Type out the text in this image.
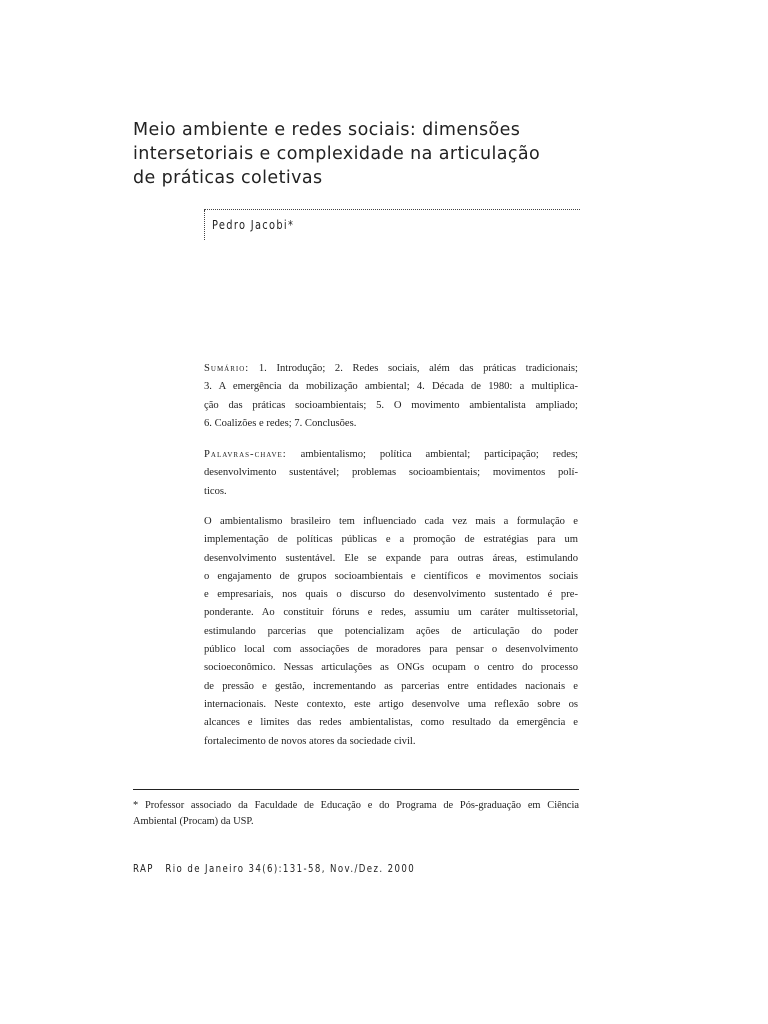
Meio ambiente e redes sociais: dimensões
intersetoriais e complexidade na articulação
de práticas coletivas
Pedro Jacobi*
Sumário: 1. Introdução; 2. Redes sociais, além das práticas tradicionais;
3. A emergência da mobilização ambiental; 4. Década de 1980: a multiplica-
ção das práticas socioambientais; 5. O movimento ambientalista ampliado;
6. Coalizões e redes; 7. Conclusões.
Palavras-chave: ambientalismo; política ambiental; participação; redes;
desenvolvimento sustentável; problemas socioambientais; movimentos polí-
ticos.
O ambientalismo brasileiro tem influenciado cada vez mais a formulação e
implementação de políticas públicas e a promoção de estratégias para um
desenvolvimento sustentável. Ele se expande para outras áreas, estimulando
o engajamento de grupos socioambientais e científicos e movimentos sociais
e empresariais, nos quais o discurso do desenvolvimento sustentado é pre-
ponderante. Ao constituir fóruns e redes, assumiu um caráter multissetorial,
estimulando parcerias que potencializam ações de articulação do poder
público local com associações de moradores para pensar o desenvolvimento
socioeconômico. Nessas articulações as ONGs ocupam o centro do processo
de pressão e gestão, incrementando as parcerias entre entidades nacionais e
internacionais. Neste contexto, este artigo desenvolve uma reflexão sobre os
alcances e limites das redes ambientalistas, como resultado da emergência e
fortalecimento de novos atores da sociedade civil.
* Professor associado da Faculdade de Educação e do Programa de Pós-graduação em Ciência
Ambiental (Procam) da USP.
RAP Rio de Janeiro 34(6):131-58, Nov./Dez. 2000
